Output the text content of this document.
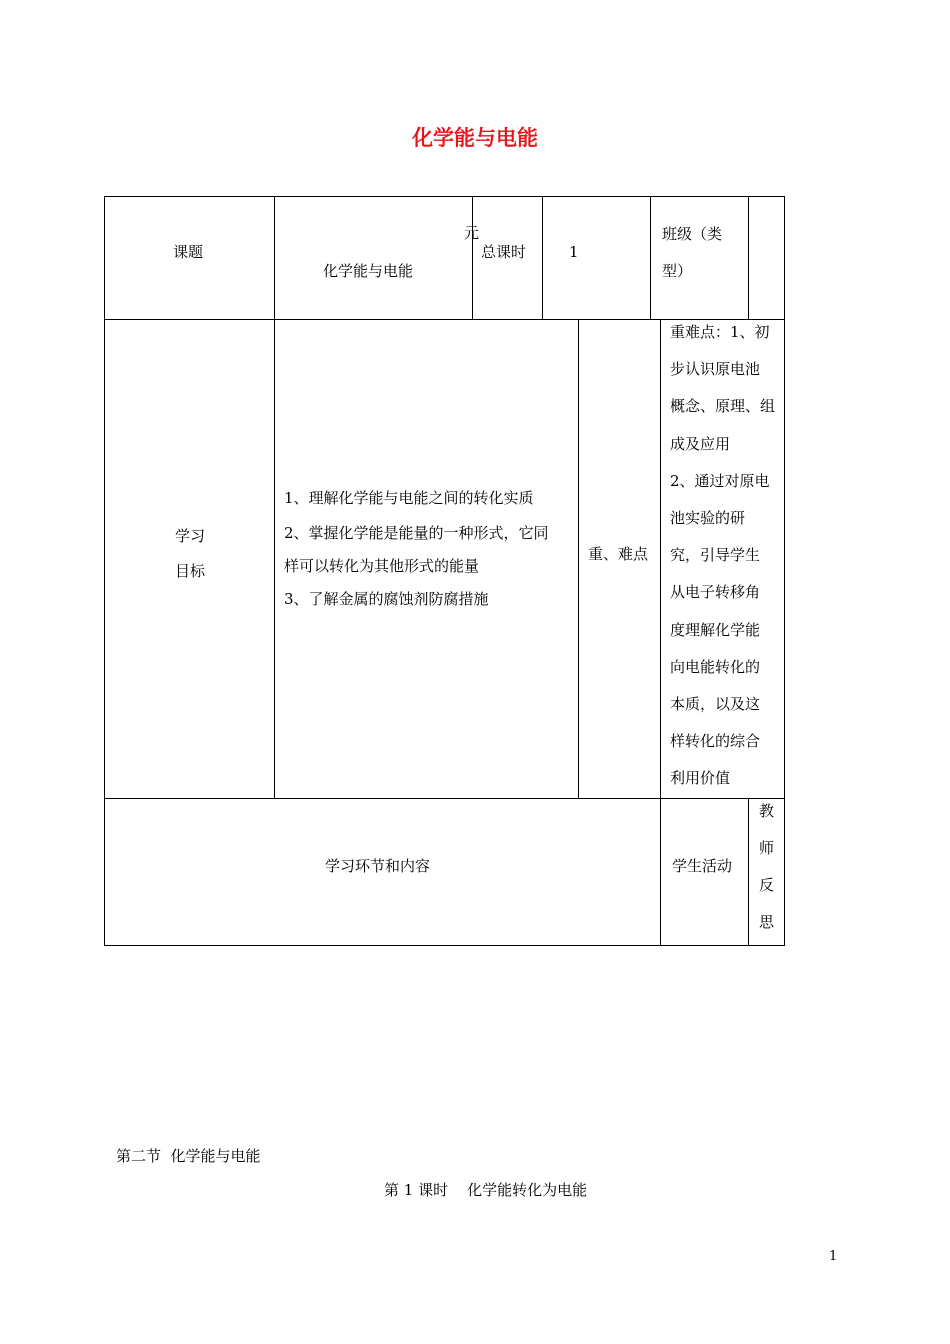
化学能与电能
课题
化学能与电能
元
总课时	1
班级（类
型）
学习
目标
1、理解化学能与电能之间的转化实质
2、掌握化学能是能量的一种形式，它同
样可以转化为其他形式的能量
3、了解金属的腐蚀剂防腐措施
重、难点
重难点：1、初
步认识原电池
概念、原理、组
成及应用
2、通过对原电
池实验的研
究，引导学生
从电子转移角
度理解化学能
向电能转化的
本质，以及这
样转化的综合
利用价值
学习环节和内容	学生活动
教
师
反
思
第二节  化学能与电能
第 1 课时    化学能转化为电能
1
